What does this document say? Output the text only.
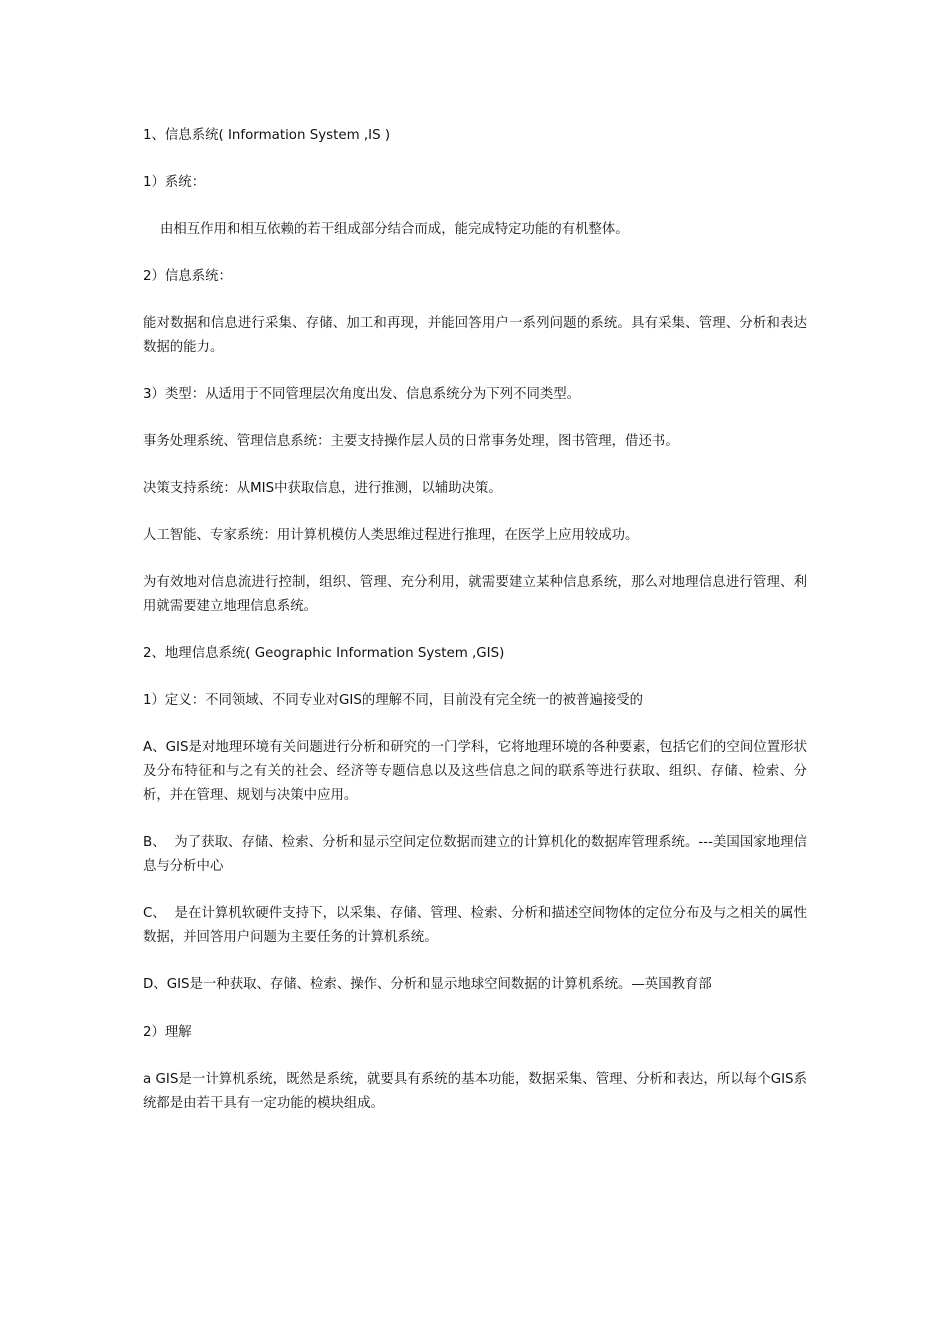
1、信息系统( Information System ,IS )

1）系统：

由相互作用和相互依赖的若干组成部分结合而成，能完成特定功能的有机整体。

2）信息系统：

能对数据和信息进行采集、存储、加工和再现，并能回答用户一系列问题的系统。具有采集、管理、分析和表达数据的能力。

3）类型：从适用于不同管理层次角度出发、信息系统分为下列不同类型。

事务处理系统、管理信息系统：主要支持操作层人员的日常事务处理，图书管理，借还书。

决策支持系统：从MIS中获取信息，进行推测，以辅助决策。

人工智能、专家系统：用计算机模仿人类思维过程进行推理，在医学上应用较成功。

为有效地对信息流进行控制，组织、管理、充分利用，就需要建立某种信息系统，那么对地理信息进行管理、利用就需要建立地理信息系统。

2、地理信息系统( Geographic Information System ,GIS)

1）定义：不同领域、不同专业对GIS的理解不同，目前没有完全统一的被普遍接受的

A、GIS是对地理环境有关问题进行分析和研究的一门学科，它将地理环境的各种要素，包括它们的空间位置形状及分布特征和与之有关的社会、经济等专题信息以及这些信息之间的联系等进行获取、组织、存储、检索、分析，并在管理、规划与决策中应用。

B、  为了获取、存储、检索、分析和显示空间定位数据而建立的计算机化的数据库管理系统。---美国国家地理信息与分析中心

C、  是在计算机软硬件支持下，以采集、存储、管理、检索、分析和描述空间物体的定位分布及与之相关的属性数据，并回答用户问题为主要任务的计算机系统。

D、GIS是一种获取、存储、检索、操作、分析和显示地球空间数据的计算机系统。—英国教育部

2）理解

a GIS是一计算机系统，既然是系统，就要具有系统的基本功能，数据采集、管理、分析和表达，所以每个GIS系统都是由若干具有一定功能的模块组成。
